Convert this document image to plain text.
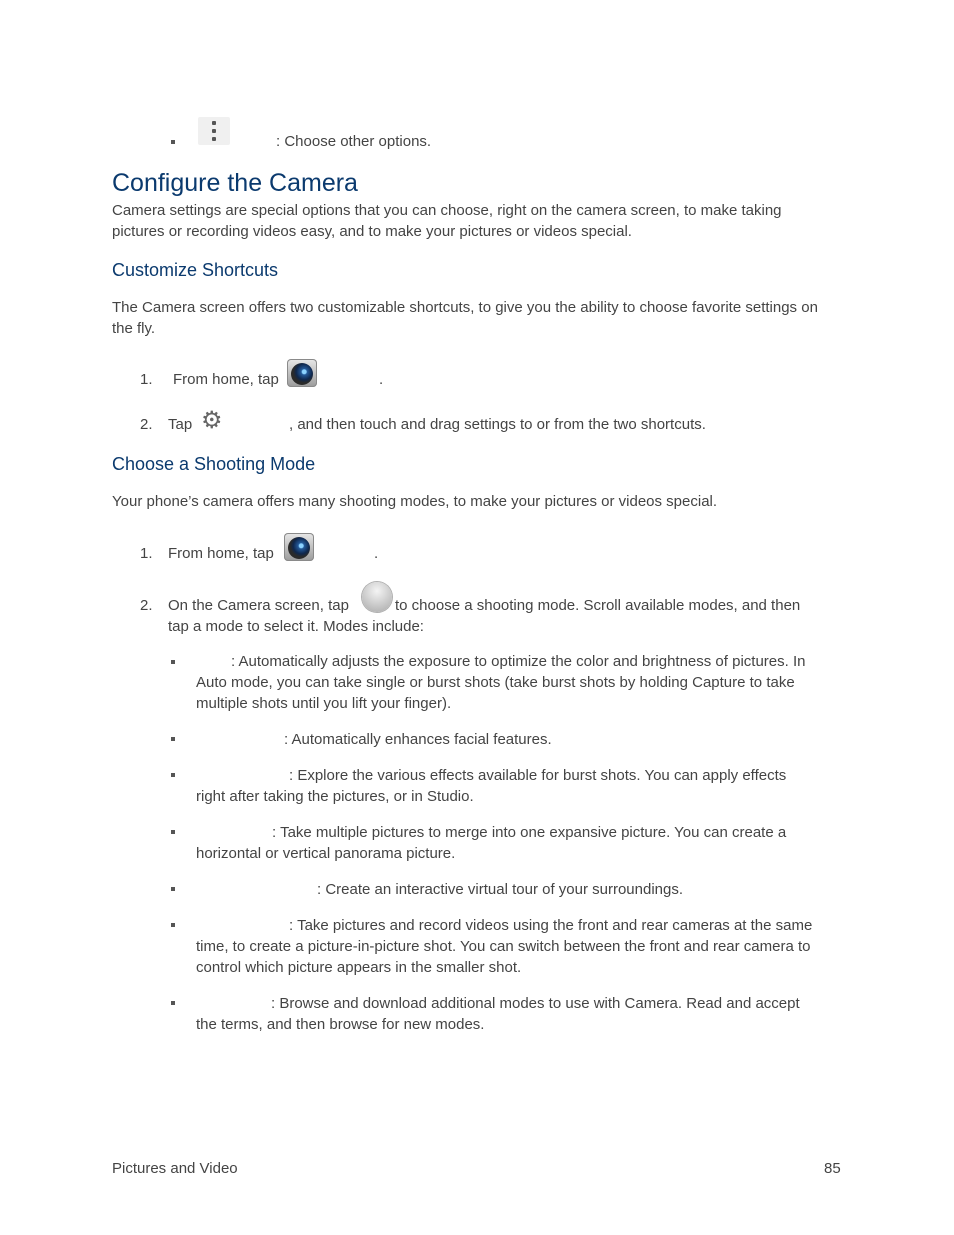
: Choose other options.
Configure the Camera
Camera settings are special options that you can choose, right on the camera screen, to make taking pictures or recording videos easy, and to make your pictures or videos special.
Customize Shortcuts
The Camera screen offers two customizable shortcuts, to give you the ability to choose favorite settings on the fly.
1. From home, tap	.
2. Tap ⚙	, and then touch and drag settings to or from the two shortcuts.
Choose a Shooting Mode
Your phone’s camera offers many shooting modes, to make your pictures or videos special.
1. From home, tap	.
2. On the Camera screen, tap	to choose a shooting mode. Scroll available modes, and then
tap a mode to select it. Modes include:
: Automatically adjusts the exposure to optimize the color and brightness of pictures. In
Auto mode, you can take single or burst shots (take burst shots by holding Capture to take
multiple shots until you lift your finger).
: Automatically enhances facial features.
: Explore the various effects available for burst shots. You can apply effects
right after taking the pictures, or in Studio.
: Take multiple pictures to merge into one expansive picture. You can create a
horizontal or vertical panorama picture.
: Create an interactive virtual tour of your surroundings.
: Take pictures and record videos using the front and rear cameras at the same
time, to create a picture-in-picture shot. You can switch between the front and rear camera to
control which picture appears in the smaller shot.
: Browse and download additional modes to use with Camera. Read and accept
the terms, and then browse for new modes.
Pictures and Video	85
